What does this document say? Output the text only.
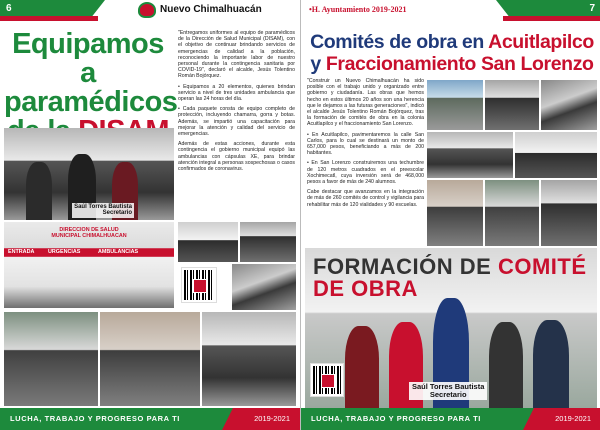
6	Nuevo Chimalhuacán
Equipamos a paramédicos

"Entregamos uniformes al equipo de paramédicos de la Dirección de Salud Municipal (DISAM), con el objetivo de continuar brindando servicios de emergencias de calidad a la población, reconociendo la importante labor de nuestro personal durante la contingencia sanitaria por COVID-19", declaró el alcalde, Jesús Tolentino Román Bojórquez.

• Equipamos a 20 elementos, quienes brindan servicio a nivel de tres unidades ambulancia que operan las 24 horas del día.

• Cada paquete consta de equipo completo de protección, incluyendo chamarra, gorra y botas. Además, se impartió una capacitación para mejorar la atención y calidad del servicio de emergencias.

Además de estas acciones, durante esta contingencia el gobierno municipal equipó las ambulancias con cápsulas XE, para brindar atención integral a personas sospechosas o casos confirmados de coronavirus.

Saúl Torres Bautista
Secretario
DIRECCION DE SALUD
MUNICIPAL CHIMALHUACAN
ENTRADA	URGENCIAS	AMBULANCIAS
LUCHA, TRABAJO Y PROGRESO PARA TI	2019-2021
•H. Ayuntamiento 2019-2021	7
Comités de obra en Acuitlapilco y Fraccionamiento San Lorenzo

"Construir un Nuevo Chimalhuacán ha sido posible con el trabajo unido y organizado entre gobierno y ciudadanía. Las obras que hemos hecho en estos últimos 20 años son una herencia que le dejamos a las futuras generaciones", indicó el alcalde Jesús Tolentino Román Bojórquez, tras la formación de comités de obra en la colonia Acuitlapilco y el fraccionamiento San Lorenzo.

• En Acuitlapilco, pavimentaremos la calle San Carlos, para lo cual se destinará un monto de 657,000 pesos, beneficiando a más de 200 habitantes.

• En San Lorenzo construiremos una techumbre de 120 metros cuadrados en el preescolar Xochimecatl, cuya inversión será de 468,000 pesos a favor de más de 240 alumnos.

Cabe destacar que avanzamos en la integración de más de 260 comités de control y vigilancia para rehabilitar más de 120 vialidades y 90 escuelas.

FORMACIÓN DE COMITÉ DE OBRA
Saúl Torres Bautista
Secretario
LUCHA, TRABAJO Y PROGRESO PARA TI	2019-2021
